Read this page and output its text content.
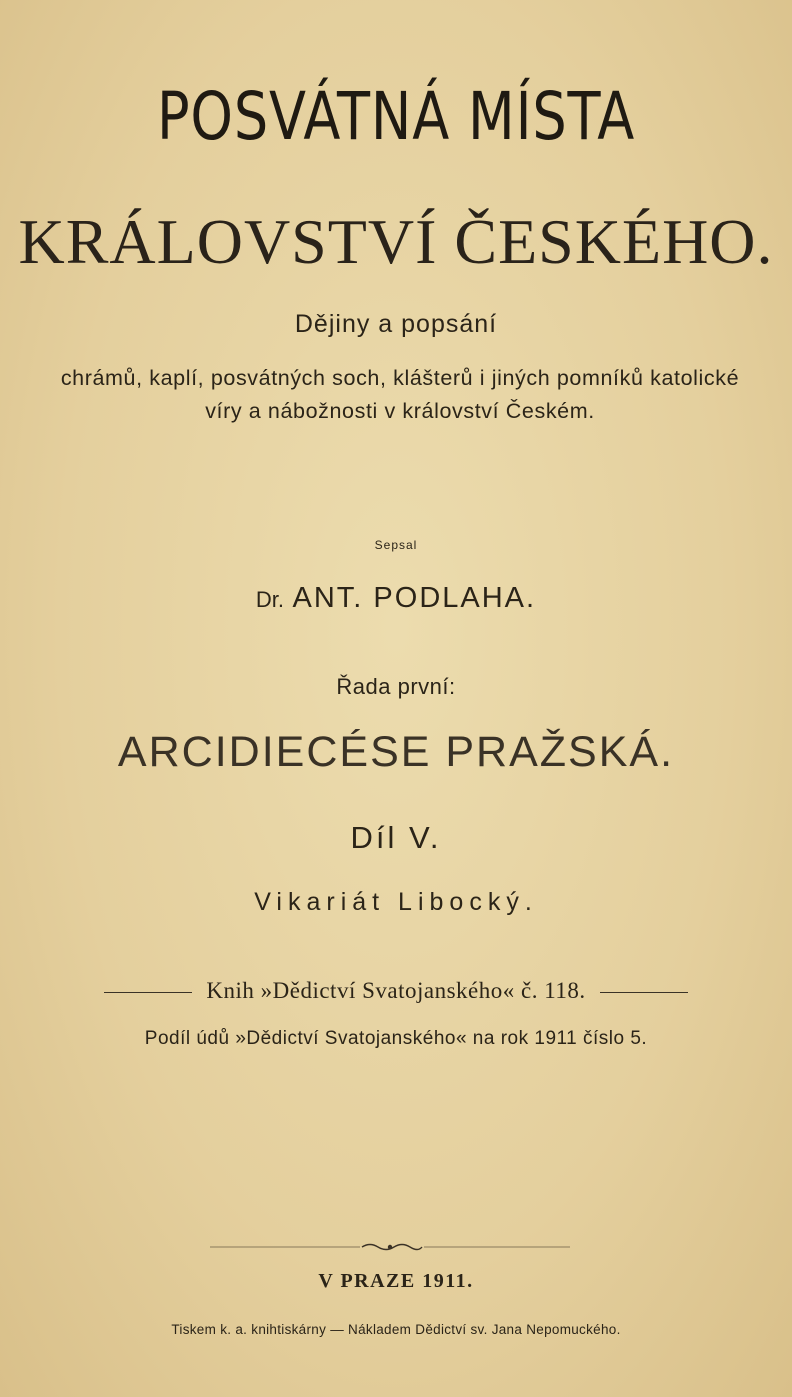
POSVÁTNÁ MÍSTA
KRÁLOVSTVÍ ČESKÉHO.
Dějiny a popsání
chrámů, kaplí, posvátných soch, klášterů i jiných pomníků katolické víry a nábožnosti v království Českém.
Sepsal
Dr. ANT. PODLAHA.
Řada první:
ARCIDIECÉSE PRAŽSKÁ.
Díl V.
Vikariát Libocký.
Knih »Dědictví Svatojanského« č. 118.
Podíl údů »Dědictví Svatojanského« na rok 1911 číslo 5.
V PRAZE 1911.
Tiskem k. a. knihtiskárny — Nákladem Dědictví sv. Jana Nepomuckého.
